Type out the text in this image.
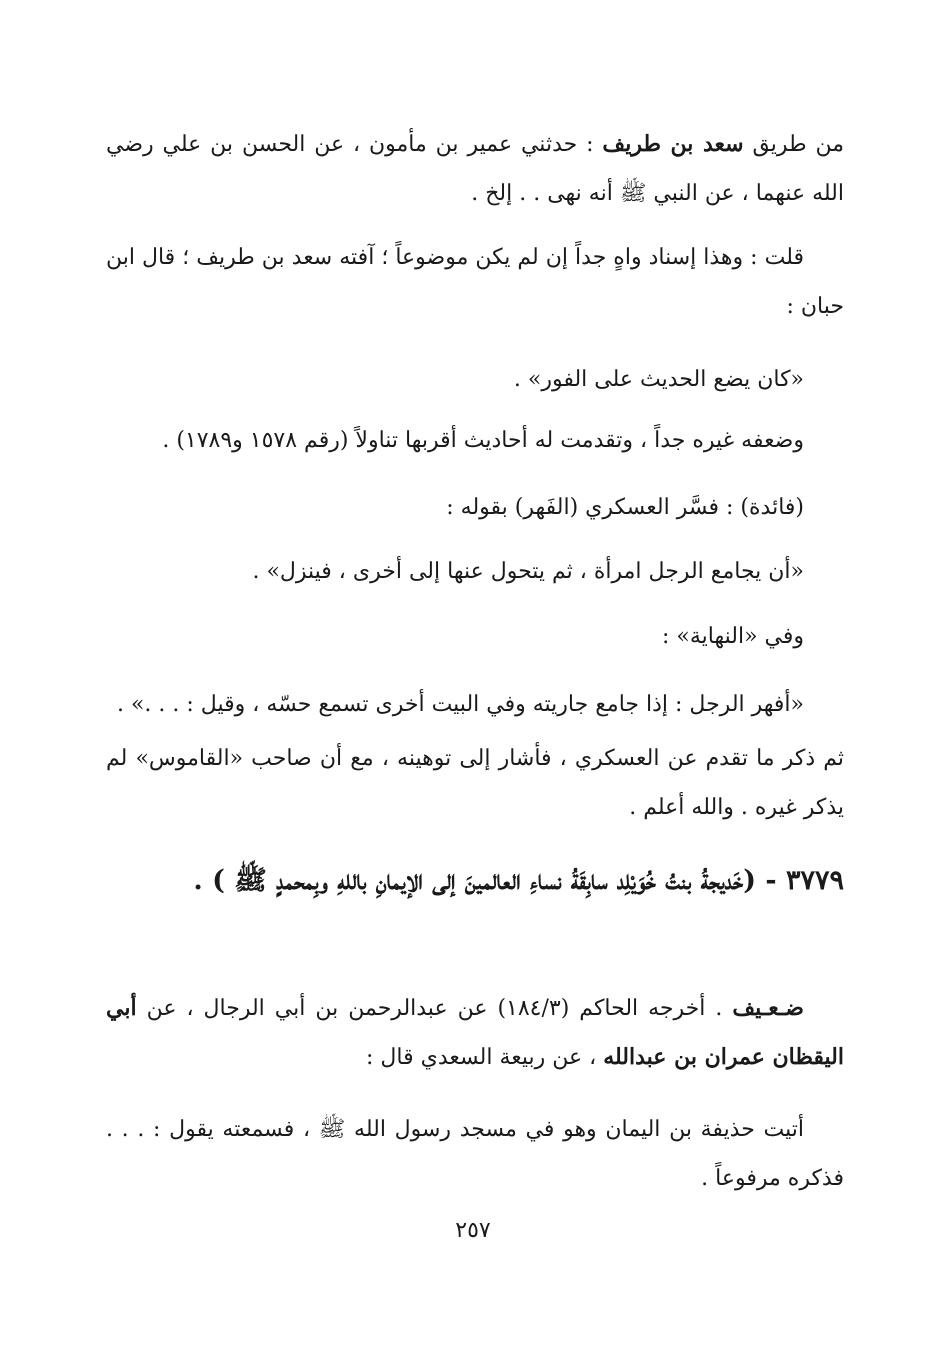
من طريق سعد بن طريف : حدثني عمير بن مأمون ، عن الحسن بن علي رضي الله عنهما ، عن النبي ﷺ أنه نهى . . إلخ .

قلت : وهذا إسناد واهٍ جداً إن لم يكن موضوعاً ؛ آفته سعد بن طريف ؛ قال ابن حبان :

«كان يضع الحديث على الفور» .

وضعفه غيره جداً ، وتقدمت له أحاديث أقربها تناولاً (رقم ١٥٧٨ و١٧٨٩) .

(فائدة) : فسَّر العسكري (الفَهر) بقوله :

«أن يجامع الرجل امرأة ، ثم يتحول عنها إلى أخرى ، فينزل» .

وفي «النهاية» :

«أفهر الرجل : إذا جامع جاريته وفي البيت أخرى تسمع حسّه ، وقيل : . . .» .

ثم ذكر ما تقدم عن العسكري ، فأشار إلى توهينه ، مع أن صاحب «القاموس» لم يذكر غيره . والله أعلم .

٣٧٧٩ - (خَديجةُ بنتُ خُوَيْلِد سابِقَةُ نساءِ العالمينَ إلى الإيمانِ باللهِ وبِمحمدٍ ﷺ ) .

ضـعـيف . أخرجه الحاكم (١٨٤/٣) عن عبدالرحمن بن أبي الرجال ، عن أبي اليقظان عمران بن عبدالله ، عن ربيعة السعدي قال :

أتيت حذيفة بن اليمان وهو في مسجد رسول الله ﷺ ، فسمعته يقول : . . . فذكره مرفوعاً .

٢٥٧
